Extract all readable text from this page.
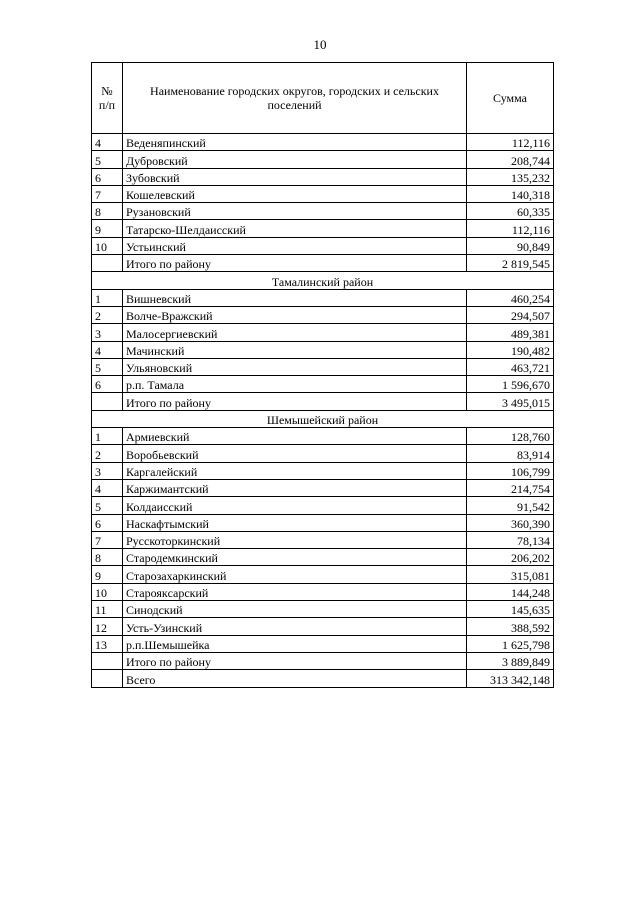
10
№
п/п	Наименование городских округов, городских и сельских поселений	Сумма
4	Веденяпинский	112,116
5	Дубровский	208,744
6	Зубовский	135,232
7	Кошелевский	140,318
8	Рузановский	60,335
9	Татарско-Шелдаисский	112,116
10	Устьинский	90,849
	Итого по району	2 819,545
Тамалинский район		
1	Вишневский	460,254
2	Волче-Вражский	294,507
3	Малосергиевский	489,381
4	Мачинский	190,482
5	Ульяновский	463,721
6	р.п. Тамала	1 596,670
	Итого по району	3 495,015
Шемышейский район		
1	Армиевский	128,760
2	Воробьевский	83,914
3	Каргалейский	106,799
4	Каржимантский	214,754
5	Колдаисский	91,542
6	Наскафтымский	360,390
7	Русскоторкинский	78,134
8	Стародемкинский	206,202
9	Старозахаркинский	315,081
10	Староякcарский	144,248
11	Синодский	145,635
12	Усть-Узинский	388,592
13	р.п.Шемышейка	1 625,798
	Итого по району	3 889,849
	Всего	313 342,148
